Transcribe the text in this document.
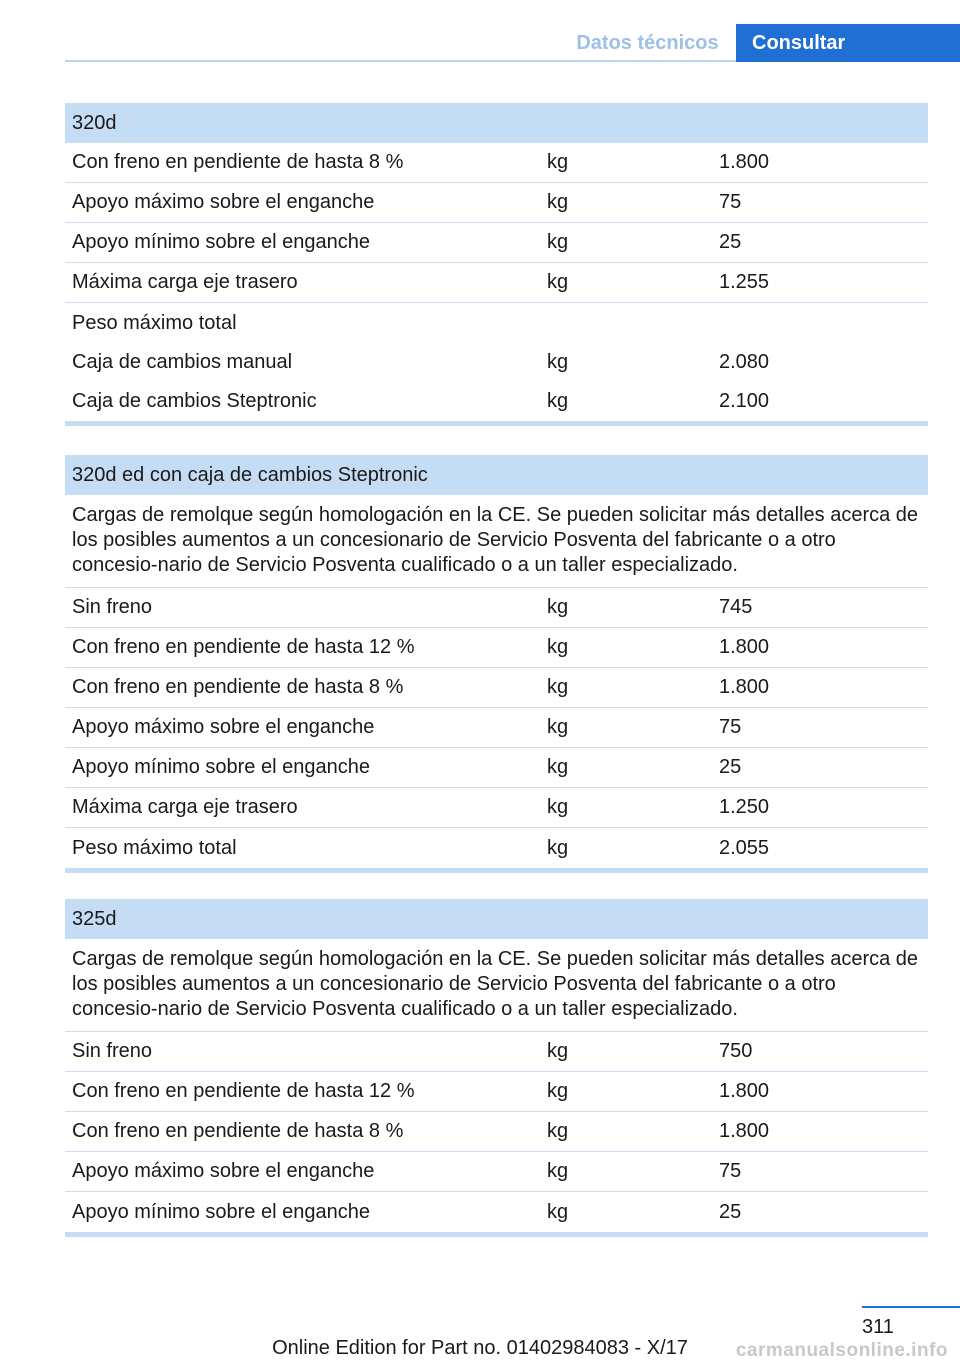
Datos técnicos	Consultar
320d
Con freno en pendiente de hasta 8 %	kg	1.800
Apoyo máximo sobre el enganche	kg	75
Apoyo mínimo sobre el enganche	kg	25
Máxima carga eje trasero	kg	1.255
Peso máximo total
Caja de cambios manual	kg	2.080
Caja de cambios Steptronic	kg	2.100
320d ed con caja de cambios Steptronic
Cargas de remolque según homologación en la CE. Se pueden solicitar más detalles acerca de los posibles aumentos a un concesionario de Servicio Posventa del fabricante o a otro concesio-nario de Servicio Posventa cualificado o a un taller especializado.
Sin freno	kg	745
Con freno en pendiente de hasta 12 %	kg	1.800
Con freno en pendiente de hasta 8 %	kg	1.800
Apoyo máximo sobre el enganche	kg	75
Apoyo mínimo sobre el enganche	kg	25
Máxima carga eje trasero	kg	1.250
Peso máximo total	kg	2.055
325d
Cargas de remolque según homologación en la CE. Se pueden solicitar más detalles acerca de los posibles aumentos a un concesionario de Servicio Posventa del fabricante o a otro concesio-nario de Servicio Posventa cualificado o a un taller especializado.
Sin freno	kg	750
Con freno en pendiente de hasta 12 %	kg	1.800
Con freno en pendiente de hasta 8 %	kg	1.800
Apoyo máximo sobre el enganche	kg	75
Apoyo mínimo sobre el enganche	kg	25
311
Online Edition for Part no. 01402984083 - X/17	carmanualsonline.info
